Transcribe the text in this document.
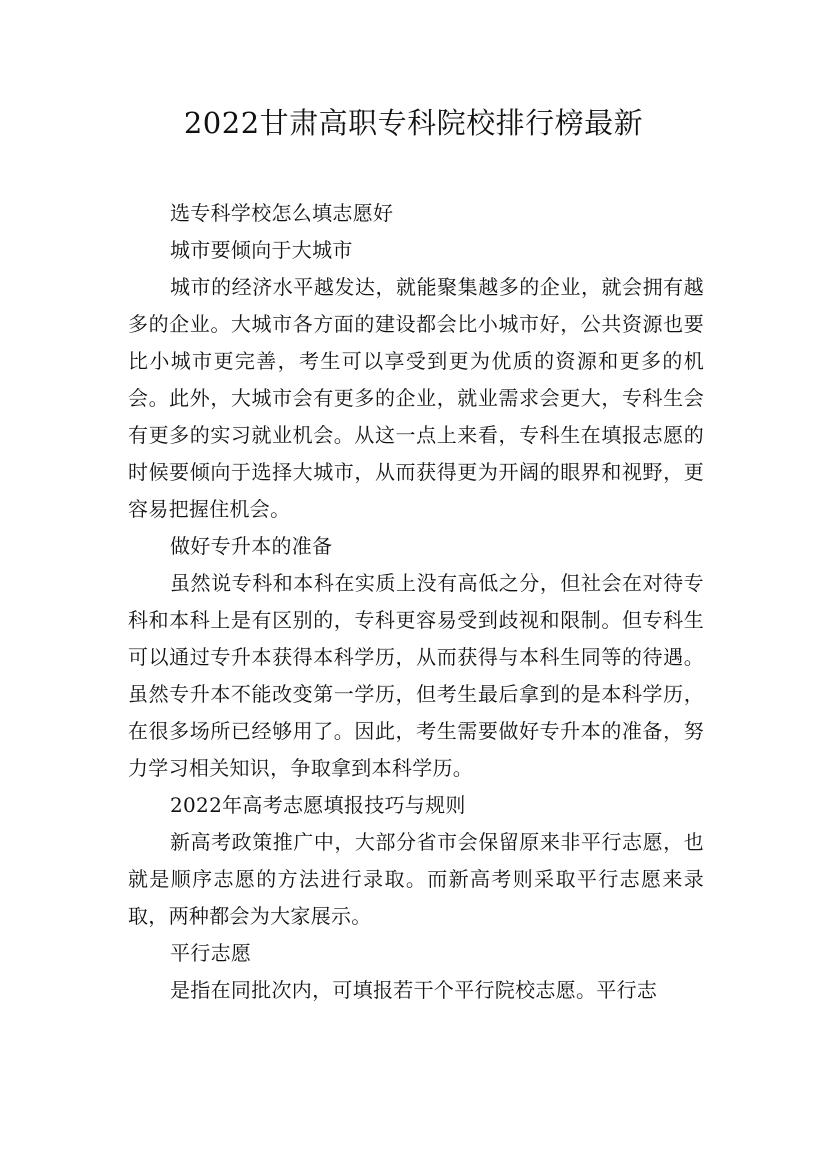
2022甘肃高职专科院校排行榜最新

选专科学校怎么填志愿好

城市要倾向于大城市

城市的经济水平越发达，就能聚集越多的企业，就会拥有越多的企业。大城市各方面的建设都会比小城市好，公共资源也要比小城市更完善，考生可以享受到更为优质的资源和更多的机会。此外，大城市会有更多的企业，就业需求会更大，专科生会有更多的实习就业机会。从这一点上来看，专科生在填报志愿的时候要倾向于选择大城市，从而获得更为开阔的眼界和视野，更容易把握住机会。

做好专升本的准备

虽然说专科和本科在实质上没有高低之分，但社会在对待专科和本科上是有区别的，专科更容易受到歧视和限制。但专科生可以通过专升本获得本科学历，从而获得与本科生同等的待遇。虽然专升本不能改变第一学历，但考生最后拿到的是本科学历，在很多场所已经够用了。因此，考生需要做好专升本的准备，努力学习相关知识，争取拿到本科学历。

2022年高考志愿填报技巧与规则

新高考政策推广中，大部分省市会保留原来非平行志愿，也就是顺序志愿的方法进行录取。而新高考则采取平行志愿来录取，两种都会为大家展示。

平行志愿

是指在同批次内，可填报若干个平行院校志愿。平行志
